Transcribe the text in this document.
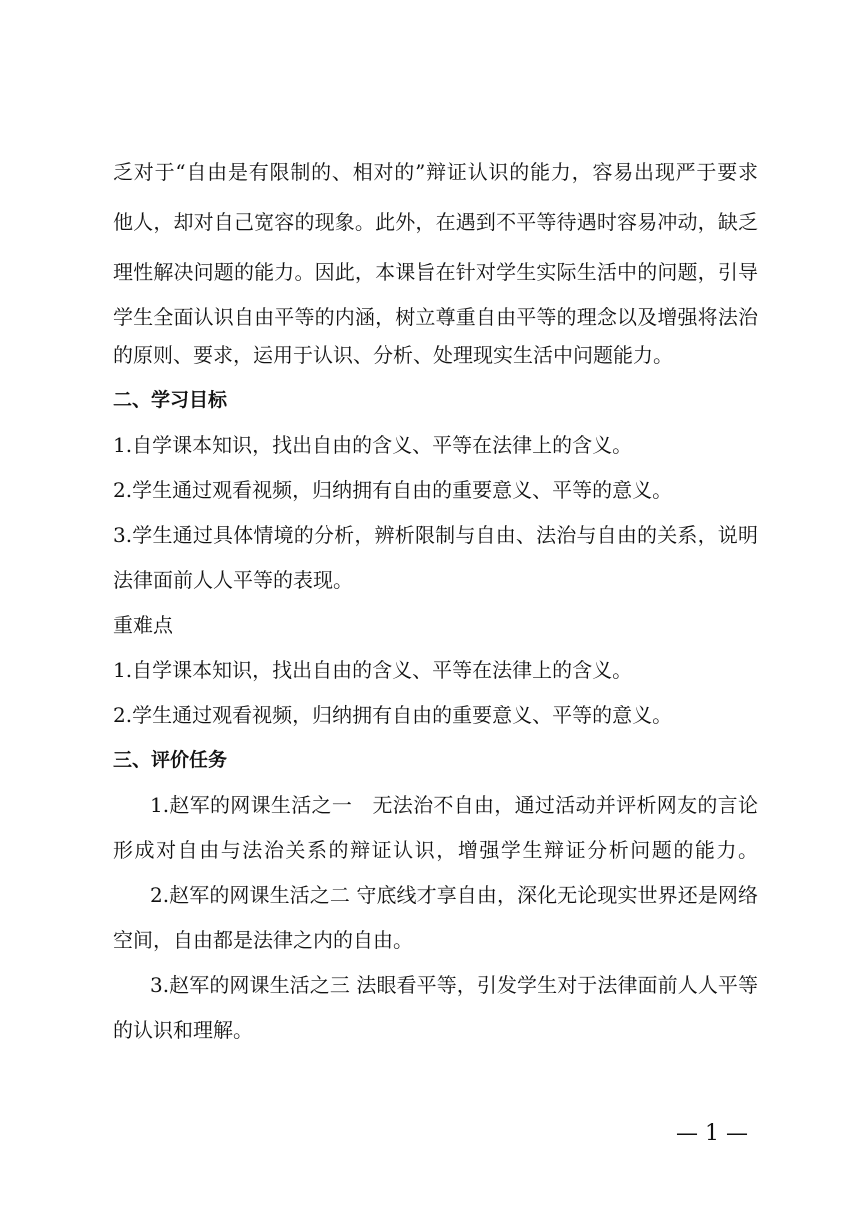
乏对于“自由是有限制的、相对的”辩证认识的能力，容易出现严于要求
他人，却对自己宽容的现象。此外，在遇到不平等待遇时容易冲动，缺乏
理性解决问题的能力。因此，本课旨在针对学生实际生活中的问题，引导
学生全面认识自由平等的内涵，树立尊重自由平等的理念以及增强将法治
的原则、要求，运用于认识、分析、处理现实生活中问题能力。
二、学习目标
1.自学课本知识，找出自由的含义、平等在法律上的含义。
2.学生通过观看视频，归纳拥有自由的重要意义、平等的意义。
3.学生通过具体情境的分析，辨析限制与自由、法治与自由的关系，说明
法律面前人人平等的表现。
重难点
1.自学课本知识，找出自由的含义、平等在法律上的含义。
2.学生通过观看视频，归纳拥有自由的重要意义、平等的意义。
三、评价任务
1.赵军的网课生活之一　无法治不自由，通过活动并评析网友的言论
形成对自由与法治关系的辩证认识，增强学生辩证分析问题的能力。
2.赵军的网课生活之二 守底线才享自由，深化无论现实世界还是网络
空间，自由都是法律之内的自由。
3.赵军的网课生活之三 法眼看平等，引发学生对于法律面前人人平等
的认识和理解。
— 1 —
